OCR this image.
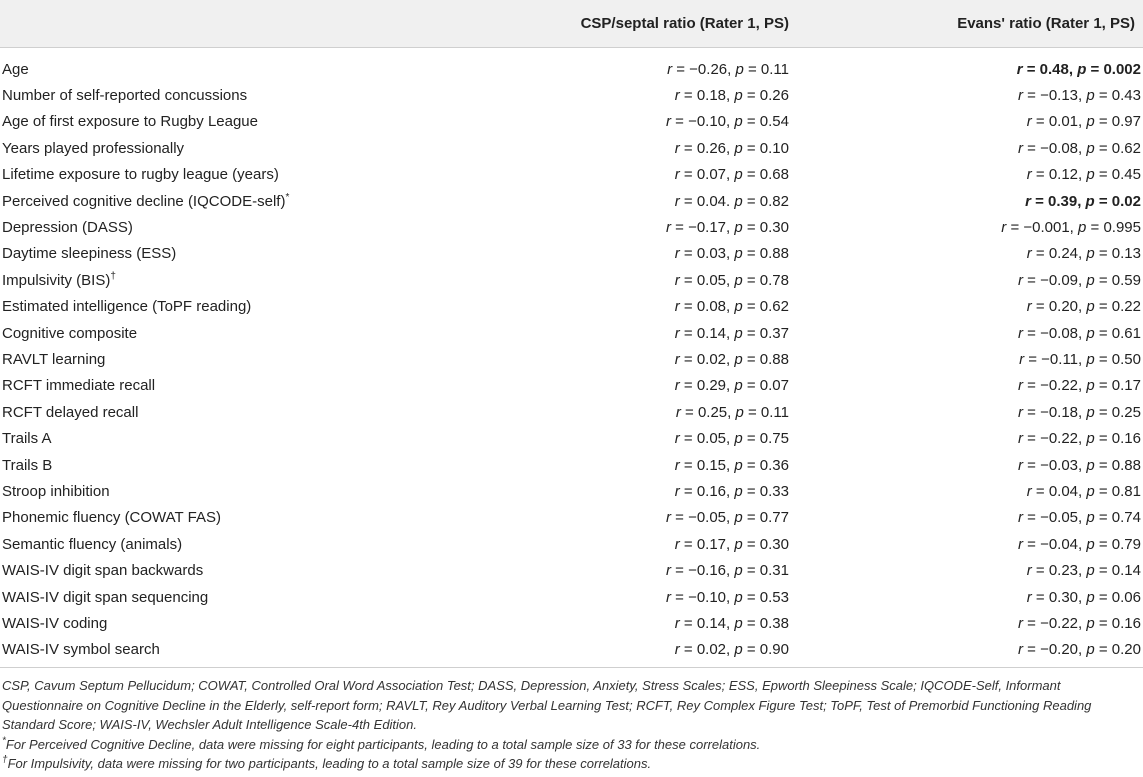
	CSP/septal ratio (Rater 1, PS)	Evans' ratio (Rater 1, PS)

Age	r = −0.26, p = 0.11	r = 0.48, p = 0.002
Number of self-reported concussions	r = 0.18, p = 0.26	r = −0.13, p = 0.43
Age of first exposure to Rugby League	r = −0.10, p = 0.54	r = 0.01, p = 0.97
Years played professionally	r = 0.26, p = 0.10	r = −0.08, p = 0.62
Lifetime exposure to rugby league (years)	r = 0.07, p = 0.68	r = 0.12, p = 0.45
Perceived cognitive decline (IQCODE-self)*	r = 0.04. p = 0.82	r = 0.39, p = 0.02
Depression (DASS)	r = −0.17, p = 0.30	r = −0.001, p = 0.995
Daytime sleepiness (ESS)	r = 0.03, p = 0.88	r = 0.24, p = 0.13
Impulsivity (BIS)†	r = 0.05, p = 0.78	r = −0.09, p = 0.59
Estimated intelligence (ToPF reading)	r = 0.08, p = 0.62	r = 0.20, p = 0.22
Cognitive composite	r = 0.14, p = 0.37	r = −0.08, p = 0.61
RAVLT learning	r = 0.02, p = 0.88	r = −0.11, p = 0.50
RCFT immediate recall	r = 0.29, p = 0.07	r = −0.22, p = 0.17
RCFT delayed recall	r = 0.25, p = 0.11	r = −0.18, p = 0.25
Trails A	r = 0.05, p = 0.75	r = −0.22, p = 0.16
Trails B	r = 0.15, p = 0.36	r = −0.03, p = 0.88
Stroop inhibition	r = 0.16, p = 0.33	r = 0.04, p = 0.81
Phonemic fluency (COWAT FAS)	r = −0.05, p = 0.77	r = −0.05, p = 0.74
Semantic fluency (animals)	r = 0.17, p = 0.30	r = −0.04, p = 0.79
WAIS-IV digit span backwards	r = −0.16, p = 0.31	r = 0.23, p = 0.14
WAIS-IV digit span sequencing	r = −0.10, p = 0.53	r = 0.30, p = 0.06
WAIS-IV coding	r = 0.14, p = 0.38	r = −0.22, p = 0.16
WAIS-IV symbol search	r = 0.02, p = 0.90	r = −0.20, p = 0.20

CSP, Cavum Septum Pellucidum; COWAT, Controlled Oral Word Association Test; DASS, Depression, Anxiety, Stress Scales; ESS, Epworth Sleepiness Scale; IQCODE-Self, Informant Questionnaire on Cognitive Decline in the Elderly, self-report form; RAVLT, Rey Auditory Verbal Learning Test; RCFT, Rey Complex Figure Test; ToPF, Test of Premorbid Functioning Reading Standard Score; WAIS-IV, Wechsler Adult Intelligence Scale-4th Edition.

*For Perceived Cognitive Decline, data were missing for eight participants, leading to a total sample size of 33 for these correlations.

†For Impulsivity, data were missing for two participants, leading to a total sample size of 39 for these correlations.
